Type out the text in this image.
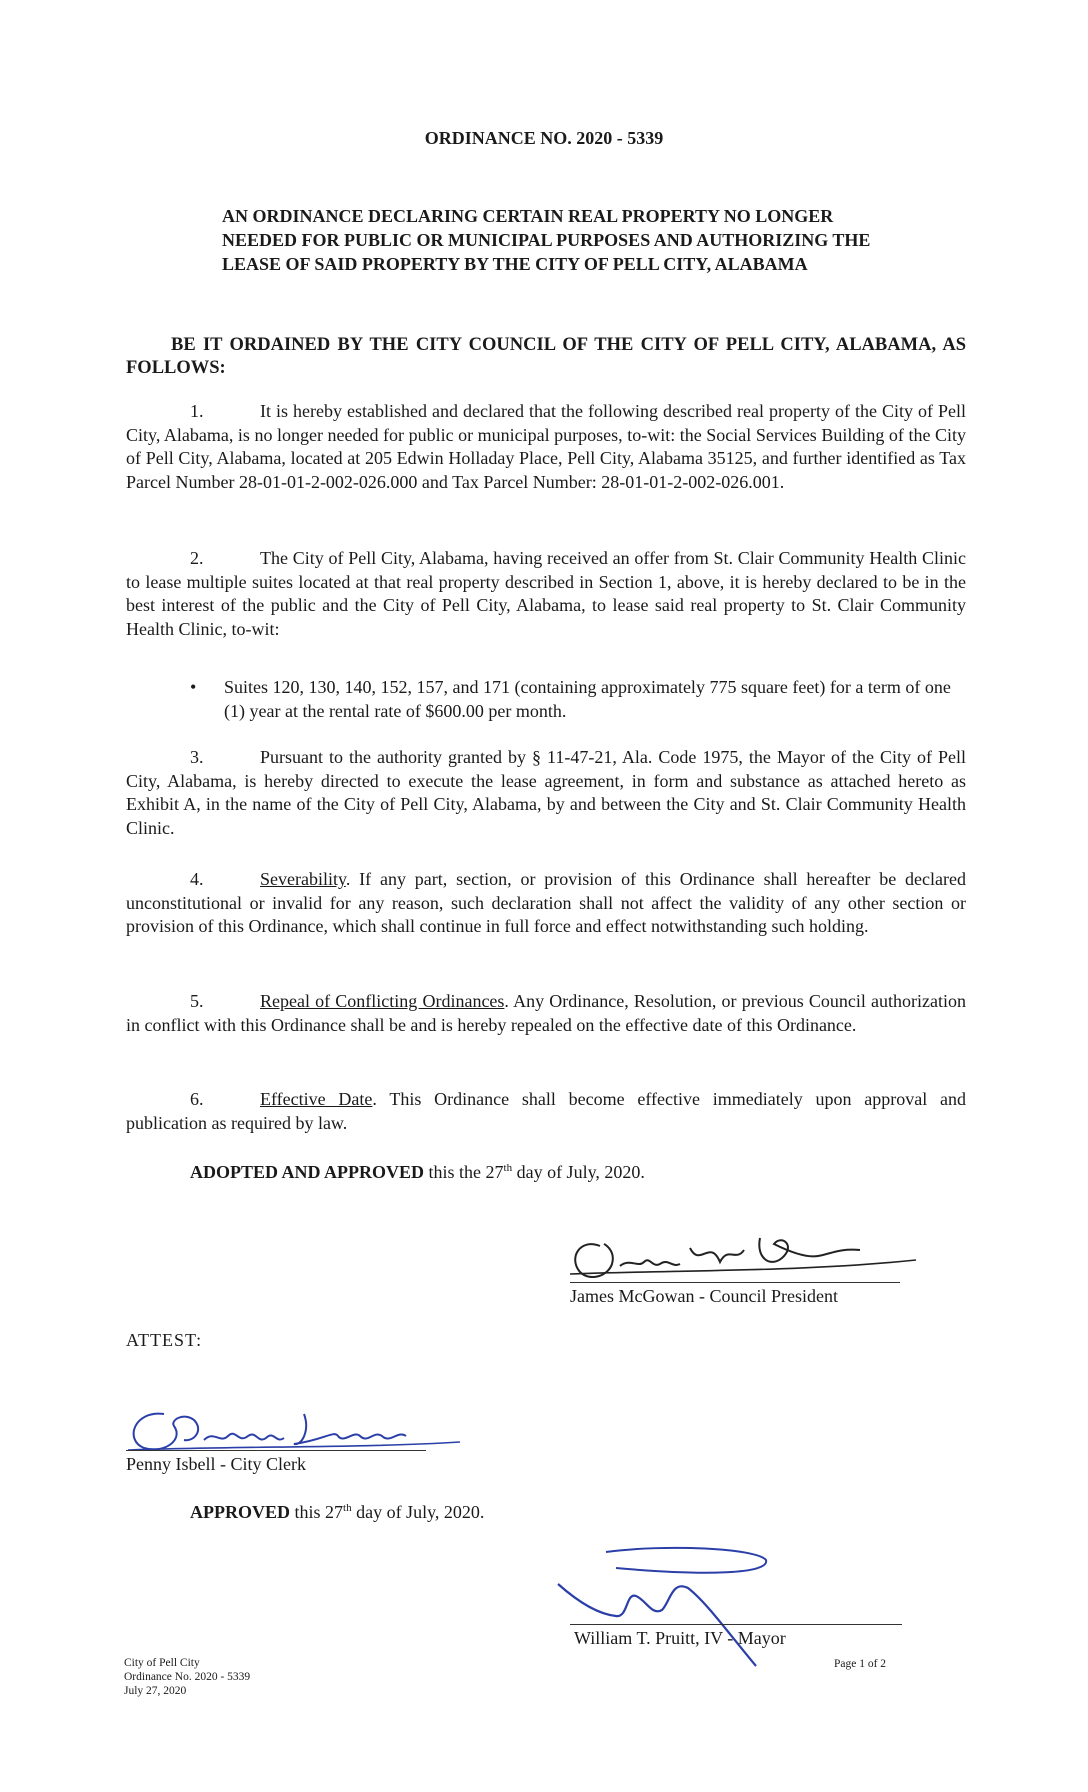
ORDINANCE NO. 2020 - 5339
AN ORDINANCE DECLARING CERTAIN REAL PROPERTY NO LONGER NEEDED FOR PUBLIC OR MUNICIPAL PURPOSES AND AUTHORIZING THE LEASE OF SAID PROPERTY BY THE CITY OF PELL CITY, ALABAMA
BE IT ORDAINED BY THE CITY COUNCIL OF THE CITY OF PELL CITY, ALABAMA, AS FOLLOWS:
1.	It is hereby established and declared that the following described real property of the City of Pell City, Alabama, is no longer needed for public or municipal purposes, to-wit: the Social Services Building of the City of Pell City, Alabama, located at 205 Edwin Holladay Place, Pell City, Alabama 35125, and further identified as Tax Parcel Number 28-01-01-2-002-026.000 and Tax Parcel Number: 28-01-01-2-002-026.001.
2.	The City of Pell City, Alabama, having received an offer from St. Clair Community Health Clinic to lease multiple suites located at that real property described in Section 1, above, it is hereby declared to be in the best interest of the public and the City of Pell City, Alabama, to lease said real property to St. Clair Community Health Clinic, to-wit:
• Suites 120, 130, 140, 152, 157, and 171 (containing approximately 775 square feet) for a term of one (1) year at the rental rate of $600.00 per month.
3.	Pursuant to the authority granted by § 11-47-21, Ala. Code 1975, the Mayor of the City of Pell City, Alabama, is hereby directed to execute the lease agreement, in form and substance as attached hereto as Exhibit A, in the name of the City of Pell City, Alabama, by and between the City and St. Clair Community Health Clinic.
4.	Severability. If any part, section, or provision of this Ordinance shall hereafter be declared unconstitutional or invalid for any reason, such declaration shall not affect the validity of any other section or provision of this Ordinance, which shall continue in full force and effect notwithstanding such holding.
5.	Repeal of Conflicting Ordinances. Any Ordinance, Resolution, or previous Council authorization in conflict with this Ordinance shall be and is hereby repealed on the effective date of this Ordinance.
6.	Effective Date. This Ordinance shall become effective immediately upon approval and publication as required by law.
ADOPTED AND APPROVED this the 27th day of July, 2020.
James McGowan - Council President
ATTEST:
Penny Isbell - City Clerk
APPROVED this 27th day of July, 2020.
William T. Pruitt, IV - Mayor
City of Pell City
Ordinance No. 2020 - 5339
July 27, 2020
Page 1 of 2
